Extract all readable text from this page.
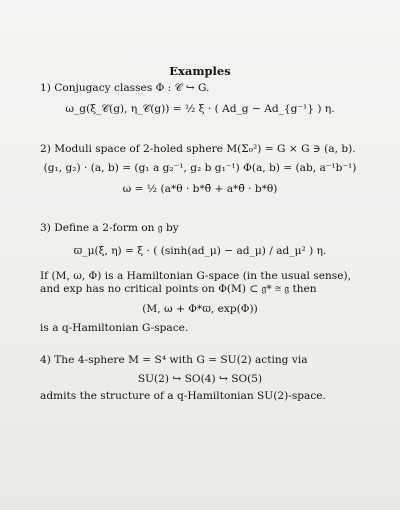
Examples
1) Conjugacy classes Φ : 𝒞 ↪ G.
ω_g(ξ_𝒞(g), η_𝒞(g)) = ½ ξ · ( Ad_g − Ad_{g⁻¹} ) η.
2) Moduli space of 2-holed sphere M(Σ₀²) = G × G ∋ (a, b).
(g₁, g₂) · (a, b) = (g₁ a g₂⁻¹, g₂ b g₁⁻¹) Φ(a, b) = (ab, a⁻¹b⁻¹)
ω = ½ (a*θ · b*θ̄ + a*θ̄ · b*θ)
3) Define a 2-form on 𝔤 by
ϖ_μ(ξ, η) = ξ · ( (sinh(ad_μ) − ad_μ) / ad_μ² ) η.
If (M, ω, Φ) is a Hamiltonian G-space (in the usual sense), and exp has no critical points on Φ(M) ⊂ 𝔤* ≅ 𝔤 then
(M, ω + Φ*ϖ, exp(Φ))
is a q-Hamiltonian G-space.
4) The 4-sphere M = S⁴ with G = SU(2) acting via
SU(2) ↪ SO(4) ↪ SO(5)
admits the structure of a q-Hamiltonian SU(2)-space.
